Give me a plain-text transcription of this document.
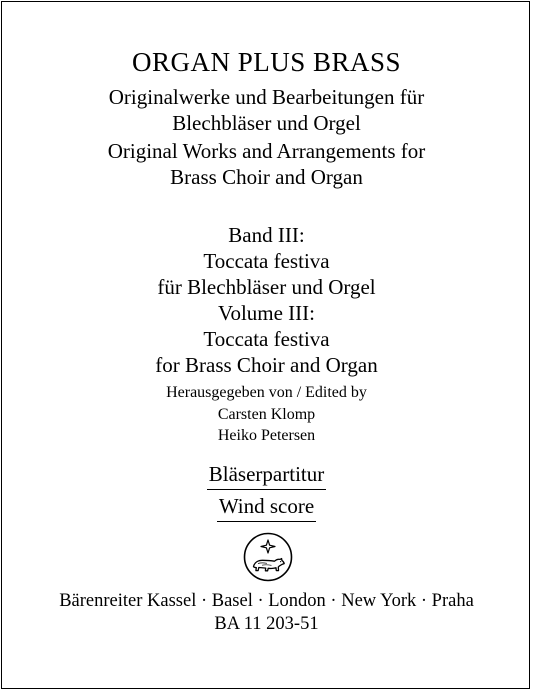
ORGAN PLUS BRASS
Originalwerke und Bearbeitungen für
Blechbläser und Orgel
Original Works and Arrangements for
Brass Choir and Organ
Band III:
Toccata festiva
für Blechbläser und Orgel
Volume III:
Toccata festiva
for Brass Choir and Organ
Herausgegeben von / Edited by
Carsten Klomp
Heiko Petersen
Bläserpartitur
Wind score
Bärenreiter Kassel · Basel · London · New York · Praha
BA 11 203-51
